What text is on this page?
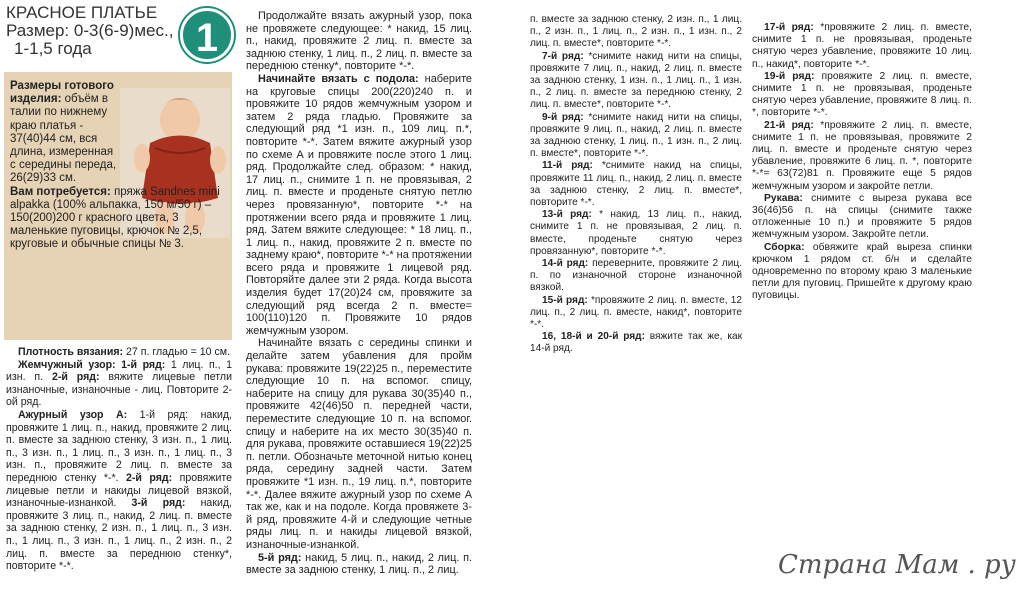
КРАСНОЕ ПЛАТЬЕ
Размер: 0-3(6-9)мес.,
1-1,5 года	1
Размеры готового изделия: объём в талии по нижнему краю платья - 37(40)44 см, вся длина, измеренная с середины переда, 26(29)33 см.
Вам потребуется: пряжа Sandnes mini alpakka (100% альпакка, 150 м/50 г) – 150(200)200 г красного цвета, 3 маленькие пуговицы, крючок № 2,5, круговые и обычные спицы № 3.

Плотность вязания: 27 п. гладью = 10 см.

Жемчужный узор: 1-й ряд: 1 лиц. п., 1 изн. п. 2-й ряд: вяжите лицевые петли изнаночные, изнаночные - лиц. Повторите 2-ой ряд.

Ажурный узор А: 1-й ряд: накид, провяжите 1 лиц. п., накид, провяжите 2 лиц. п. вместе за заднюю стенку, 3 изн. п., 1 лиц. п., 3 изн. п., 1 лиц. п., 3 изн. п., 1 лиц. п., 3 изн. п., провяжите 2 лиц. п. вместе за переднюю стенку *-*. 2-й ряд: провяжите лицевые петли и накиды лицевой вязкой, изнаночные-изнанкой. 3-й ряд: накид, провяжите 3 лиц. п., накид, 2 лиц. п. вместе за заднюю стенку, 2 изн. п., 1 лиц. п., 3 изн. п., 1 лиц. п., 3 изн. п., 1 лиц. п., 2 изн. п., 2 лиц. п. вместе за переднюю стенку*, повторите *-*.

Продолжайте вязать ажурный узор, пока не провяжете следующее: * накид, 15 лиц. п., накид, провяжите 2 лиц. п. вместе за заднюю стенку, 1 лиц. п., 2 лиц. п. вместе за переднюю стенку*, повторите *-*.

Начинайте вязать с подола: наберите на круговые спицы 200(220)240 п. и провяжите 10 рядов жемчужным узором и затем 2 ряда гладью. Провяжите за следующий ряд *1 изн. п., 109 лиц. п.*, повторите *-*. Затем вяжите ажурный узор по схеме А и провяжите после этого 1 лиц. ряд. Продолжайте след. образом: * накид, 17 лиц. п., снимите 1 п. не провязывая, 2 лиц. п. вместе и проденьте снятую петлю через провязанную*, повторите *-* на протяжении всего ряда и провяжите 1 лиц. ряд. Затем вяжите следующее: * 18 лиц. п., 1 лиц. п., накид, провяжите 2 п. вместе по заднему краю*, повторите *-* на протяжении всего ряда и провяжите 1 лицевой ряд. Повторяйте далее эти 2 ряда. Когда высота изделия будет 17(20)24 см, провяжите за следующий ряд всегда 2 п. вместе= 100(110)120 п. Провяжите 10 рядов жемчужным узором.

Начинайте вязать с середины спинки и делайте затем убавления для пройм рукава: провяжите 19(22)25 п., переместите следующие 10 п. на вспомог. спицу, наберите на спицу для рукава 30(35)40 п., провяжите 42(46)50 п. передней части, переместите следующие 10 п. на вспомог. спицу и наберите на их место 30(35)40 п. для рукава, провяжите оставшиеся 19(22)25 п. петли. Обозначьте мeточной нитью конец ряда, середину задней части. Затем провяжите *1 изн. п., 19 лиц. п.*, повторите *-*. Далее вяжите ажурный узор по схеме А так же, как и на подоле. Когда провяжете 3-й ряд, провяжите 4-й и следующие четные ряды лиц. п. и накиды лицевой вязкой, изнаночные-изнанкой.

5-й ряд: накид, 5 лиц. п., накид, 2 лиц. п. вместе за заднюю стенку, 1 лиц. п., 2 лиц.

п. вместе за заднюю стенку, 2 изн. п., 1 лиц. п., 2 изн. п., 1 лиц. п., 2 изн. п., 1 изн. п., 2 лиц. п. вместе*, повторите *-*.

7-й ряд: *снимите накид нити на спицы, провяжите 7 лиц. п., накид, 2 лиц. п. вместе за заднюю стенку, 1 изн. п., 1 лиц. п., 1 изн. п., 2 лиц. п. вместе за переднюю стенку, 2 лиц. п. вместе*, повторите *-*.

9-й ряд: *снимите накид нити на спицы, провяжите 9 лиц. п., накид, 2 лиц. п. вместе за заднюю стенку, 1 лиц. п., 1 изн. п., 2 лиц. п. вместе*, повторите *-*.

11-й ряд: *снимите накид на спицы, провяжите 11 лиц. п., накид, 2 лиц. п. вместе за заднюю стенку, 2 лиц. п. вместе*, повторите *-*.

13-й ряд: * накид, 13 лиц. п., накид, снимите 1 п. не провязывая, 2 лиц. п. вместе, проденьте снятую через провязанную*, повторите *-*.

14-й ряд: переверните, провяжите 2 лиц. п. по изнаночной стороне изнаночной вязкой.

15-й ряд: *провяжите 2 лиц. п. вместе, 12 лиц. п., 2 лиц. п. вместе, накид*, повторите *-*.

16, 18-й и 20-й ряд: вяжите так же, как 14-й ряд.

17-й ряд: *провяжите 2 лиц. п. вместе, снимите 1 п. не провязывая, проденьте снятую через убавление, провяжите 10 лиц. п., накид*, повторите *-*.

19-й ряд: провяжите 2 лиц. п. вместе, снимите 1 п. не провязывая, проденьте снятую через убавление, провяжите 8 лиц. п. *, повторите *-*.

21-й ряд: *провяжите 2 лиц. п. вместе, снимите 1 п. не провязывая, провяжите 2 лиц. п. вместе и проденьте снятую через убавление, провяжите 6 лиц. п. *, повторите *-*= 63(72)81 п. Провяжите еще 5 рядов жемчужным узором и закройте петли.

Рукава: снимите с выреза рукава все 36(46)56 п. на спицы (снимите также отложенные 10 п.) и провяжите 5 рядов жемчужным узором. Закройте петли.

Сборка: обвяжите край выреза спинки крючком 1 рядом ст. б/н и сделайте одновременно по второму краю 3 маленькие петли для пуговиц. Пришейте к другому краю пуговицы.

Страна Мам . ру
